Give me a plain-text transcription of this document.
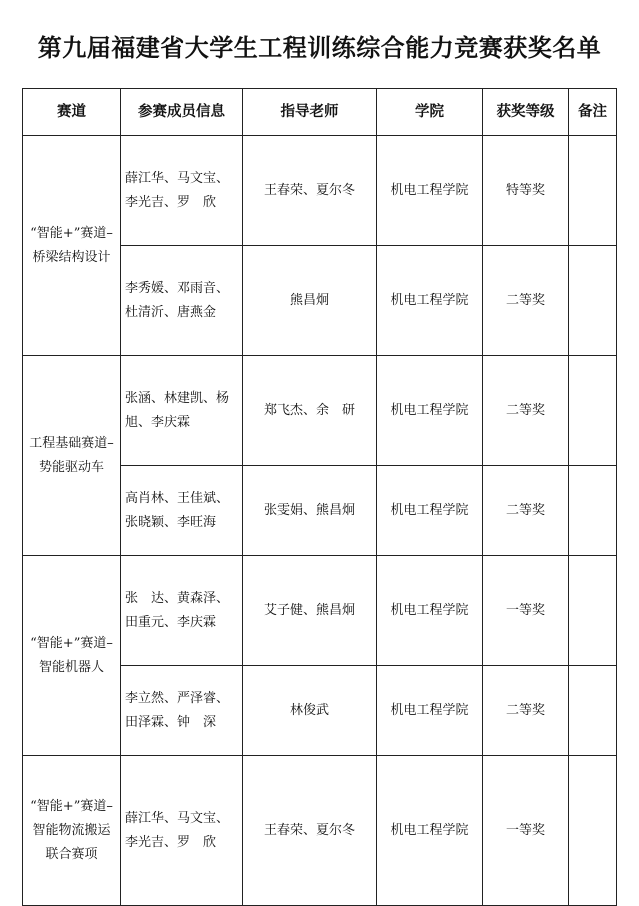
第九届福建省大学生工程训练综合能力竞赛获奖名单
赛道	参赛成员信息	指导老师	学院	获奖等级	备注

“智能+”赛道–
桥梁结构设计	薛江华、马文宝、
李光吉、罗　欣	王春荣、夏尔冬	机电工程学院	特等奖	

	李秀媛、邓雨音、
杜清沂、唐燕金	熊昌炯	机电工程学院	二等奖	

工程基础赛道–
势能驱动车	张涵、林建凯、杨
旭、李庆霖	郑飞杰、余　研	机电工程学院	二等奖	

	高肖林、王佳斌、
张晓颖、李旺海	张雯娟、熊昌炯	机电工程学院	二等奖	

“智能+”赛道–
智能机器人	张　达、黄森泽、
田重元、李庆霖	艾子健、熊昌炯	机电工程学院	一等奖	

	李立然、严泽睿、
田泽霖、钟　深	林俊武	机电工程学院	二等奖	

“智能+”赛道–
智能物流搬运
联合赛项	薛江华、马文宝、
李光吉、罗　欣	王春荣、夏尔冬	机电工程学院	一等奖	
